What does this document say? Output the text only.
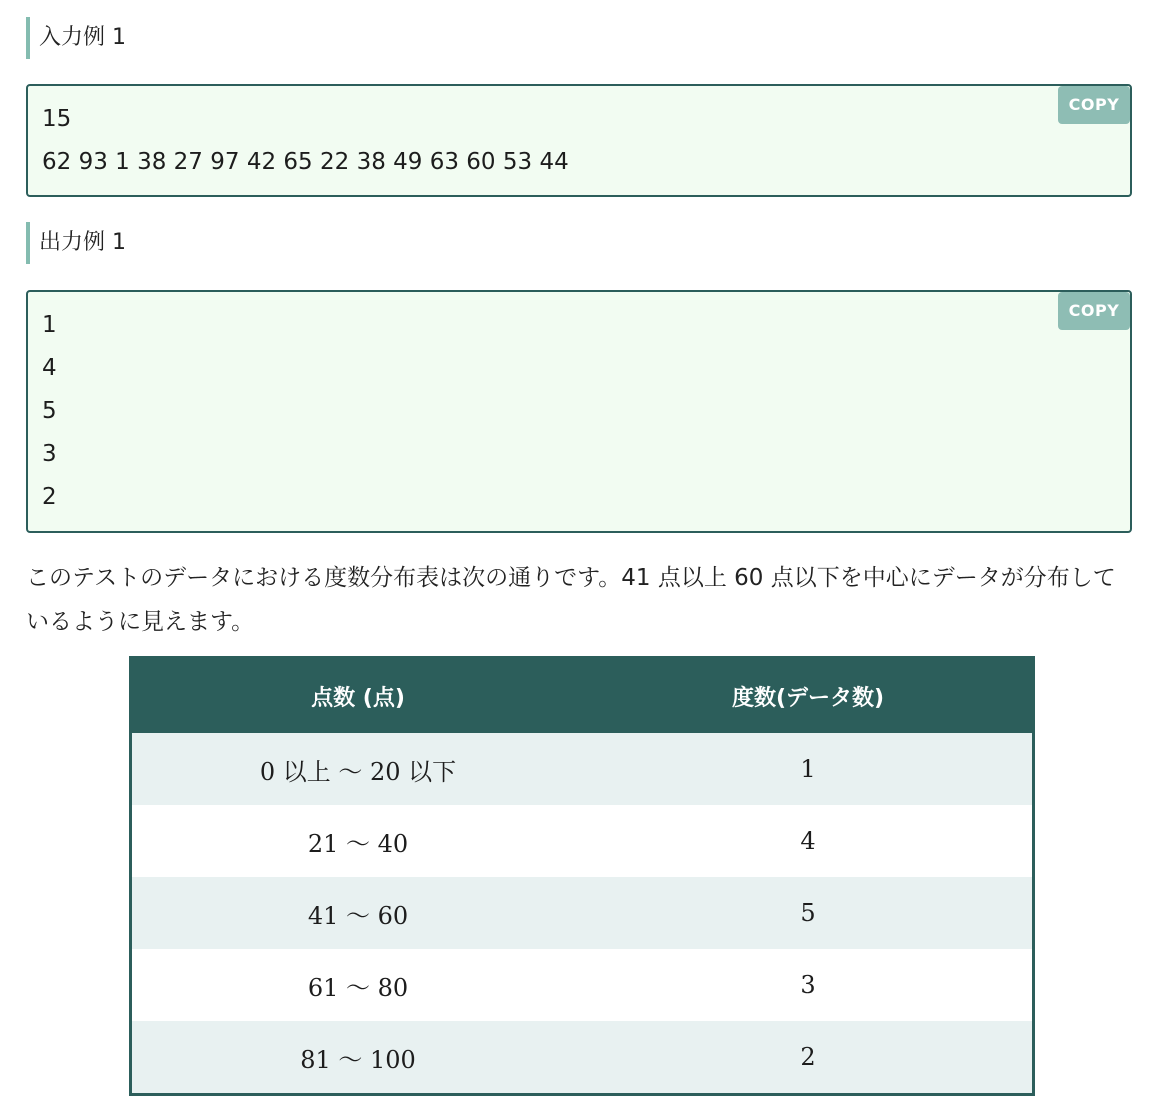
入力例 1
15
62 93 1 38 27 97 42 65 22 38 49 63 60 53 44
COPY
出力例 1
1
4
5
3
2
COPY
このテストのデータにおける度数分布表は次の通りです。41 点以上 60 点以下を中心にデータが分布しているように見えます。
点数 (点)	度数(データ数)
0 以上 〜 20 以下	1
21 〜 40	4
41 〜 60	5
61 〜 80	3
81 〜 100	2
